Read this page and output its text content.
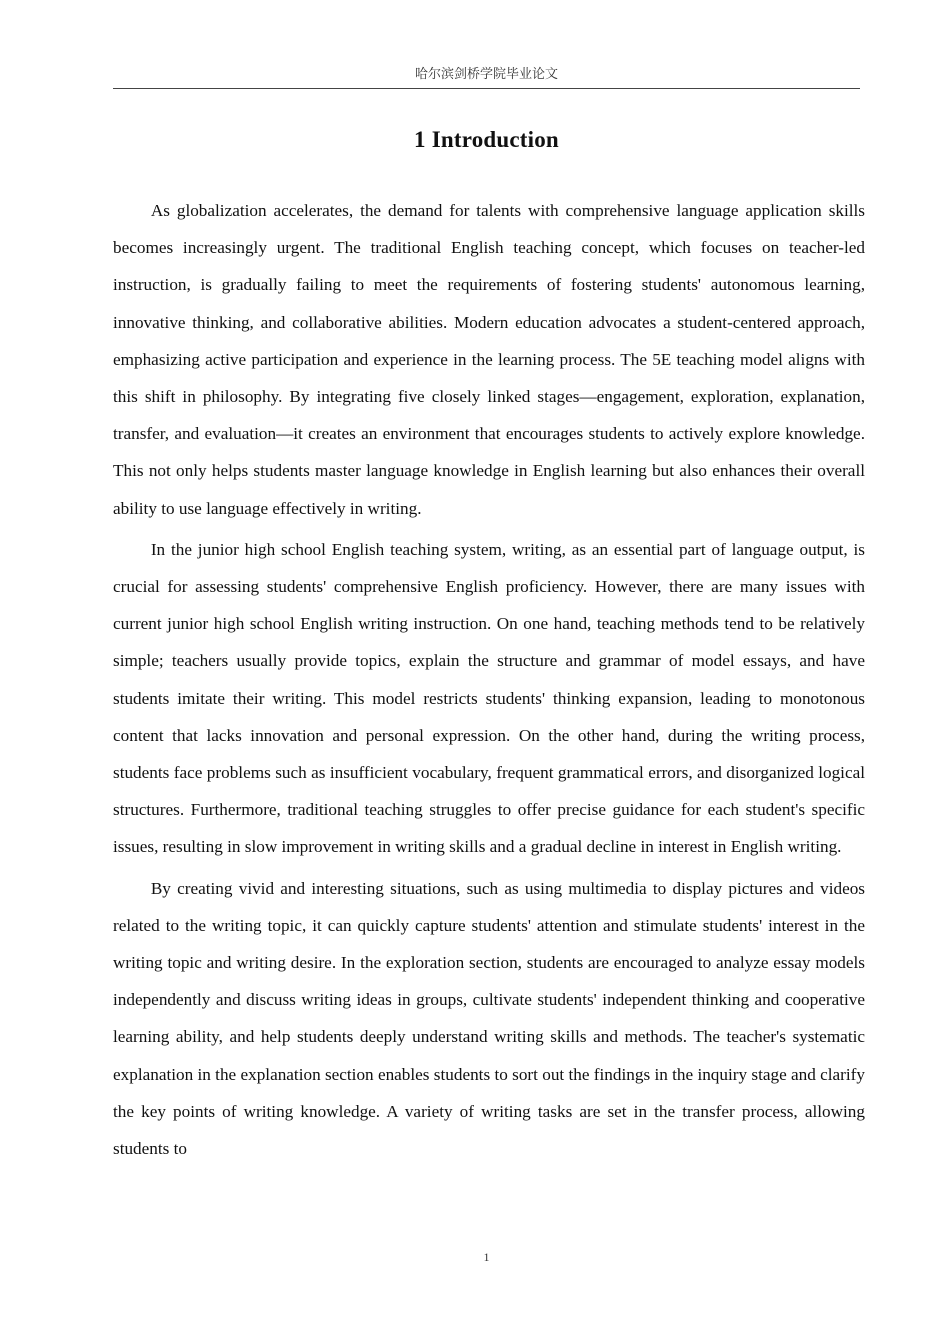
哈尔滨剑桥学院毕业论文
1 Introduction

As globalization accelerates, the demand for talents with comprehensive language application skills becomes increasingly urgent. The traditional English teaching concept, which focuses on teacher-led instruction, is gradually failing to meet the requirements of fostering students' autonomous learning, innovative thinking, and collaborative abilities. Modern education advocates a student-centered approach, emphasizing active participation and experience in the learning process. The 5E teaching model aligns with this shift in philosophy. By integrating five closely linked stages—engagement, exploration, explanation, transfer, and evaluation—it creates an environment that encourages students to actively explore knowledge. This not only helps students master language knowledge in English learning but also enhances their overall ability to use language effectively in writing.

In the junior high school English teaching system, writing, as an essential part of language output, is crucial for assessing students' comprehensive English proficiency. However, there are many issues with current junior high school English writing instruction. On one hand, teaching methods tend to be relatively simple; teachers usually provide topics, explain the structure and grammar of model essays, and have students imitate their writing. This model restricts students' thinking expansion, leading to monotonous content that lacks innovation and personal expression. On the other hand, during the writing process, students face problems such as insufficient vocabulary, frequent grammatical errors, and disorganized logical structures. Furthermore, traditional teaching struggles to offer precise guidance for each student's specific issues, resulting in slow improvement in writing skills and a gradual decline in interest in English writing.

By creating vivid and interesting situations, such as using multimedia to display pictures and videos related to the writing topic, it can quickly capture students' attention and stimulate students' interest in the writing topic and writing desire. In the exploration section, students are encouraged to analyze essay models independently and discuss writing ideas in groups, cultivate students' independent thinking and cooperative learning ability, and help students deeply understand writing skills and methods. The teacher's systematic explanation in the explanation section enables students to sort out the findings in the inquiry stage and clarify the key points of writing knowledge. A variety of writing tasks are set in the transfer process, allowing students to

1
